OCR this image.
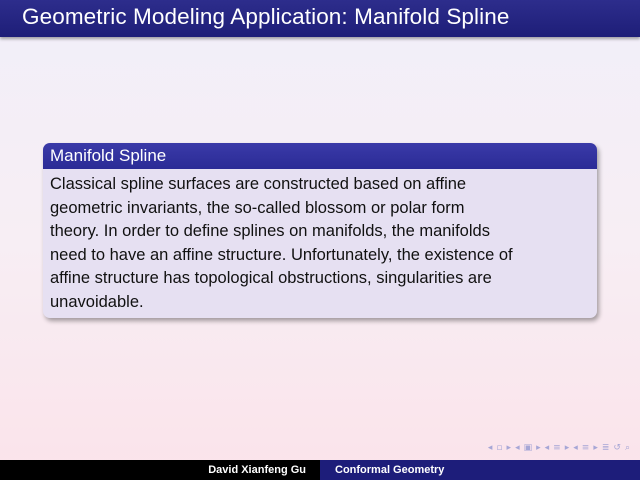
Geometric Modeling Application: Manifold Spline
Manifold Spline
Classical spline surfaces are constructed based on affine
geometric invariants, the so-called blossom or polar form
theory. In order to define splines on manifolds, the manifolds
need to have an affine structure. Unfortunately, the existence of
affine structure has topological obstructions, singularities are
unavoidable.
◂ ▫ ▸ ◂ ▣ ▸ ◂ ≡ ▸ ◂ ≡ ▸ ≣ ↺ ⌕
David Xianfeng Gu	Conformal Geometry
